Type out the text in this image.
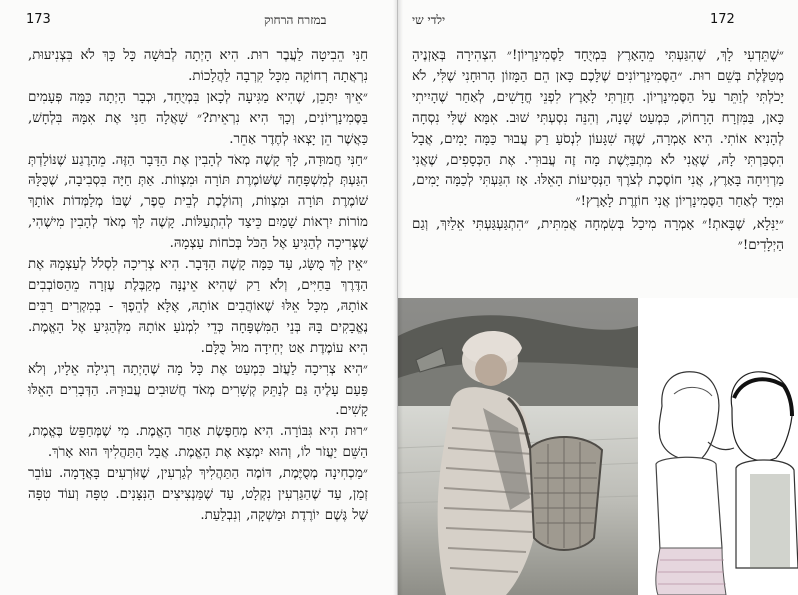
173	במזרח הרחוק

חַנִּי הֵבִיטָה לַעֲבֶר רוּת. הִיא הָיְתָה לְבוּשָׁה כָּל כָּךְ לֹא בִּצְנִיעוּת, נִרְאֲתָה רְחוֹקָה מִכָּל קִרְבָה לַהֲלָכוֹת.

״אֵיךְ יִתָּכֵן, שֶׁהִיא מַגִּיעָה לְכָאן בִּמְיֻחָד, וּכְבָר הָיְתָה כַּמָּה פְּעָמִים בַּסֶּמִינָרְיוֹנִים, וְכָךְ הִיא נִרְאֵית?״ שָׁאֲלָה חַנִּי אֶת אִמָּהּ בִּלְחָשׁ, כַּאֲשֶׁר הֵן יָצְאוּ לְחֶדֶר אַחֵר.

״חַנִּי חֲמוּדָה, לָךְ קָשֶׁה מְאֹד לְהָבִין אֶת הַדָּבָר הַזֶּה. מֵהָרֶגַע שֶׁנּוֹלַדְתְּ הִגַּעְתְּ לְמִשְׁפָּחָה שֶׁשּׁוֹמֶרֶת תּוֹרָה וּמִצְווֹת. אַתְּ חַיָּה בִּסְבִיבָה, שֶׁכֻּלָּהּ שׁוֹמֶרֶת תּוֹרָה וּמִצְווֹת, וְהוֹלֶכֶת לְבֵית סֵפֶר, שֶׁבּוֹ מְלַמְּדוֹת אוֹתָךְ מוֹרוֹת יִרְאוֹת שָׁמַיִם כֵּיצַד לְהִתְעַלּוֹת. קָשֶׁה לָךְ מְאֹד לְהָבִין מִישֶׁהִי, שֶׁצְּרִיכָה לְהַגִּיעַ אֶל הַכֹּל בְּכֹחוֹת עַצְמָהּ.

״אֵין לָךְ מֻשָּׂג, עַד כַּמָּה קָשֶׁה הַדָּבָר. הִיא צְרִיכָה לִסְלֹל לְעַצְמָהּ אֶת הַדֶּרֶךְ בַּחַיִּים, וְלֹא רַק שֶׁהִיא אֵינֶנָּה מְקַבֶּלֶת עֶזְרָה מֵהַסּוֹבְבִים אוֹתָהּ, מִכָּל אֵלּוּ שֶׁאוֹהֲבִים אוֹתָהּ, אֶלָּא לְהֵפֶךְ - בְּמִקְרִים רַבִּים נֶאֱבָקִים בָּהּ בְּנֵי הַמִּשְׁפָּחָה כְּדֵי לִמְנֹעַ אוֹתָהּ מִלְּהַגִּיעַ אֶל הָאֱמֶת. הִיא עוֹמֶדֶת אַט יְחִידָה מוּל כֻּלָּם.

״הִיא צְרִיכָה לַעֲזֹב כִּמְעַט אֶת כָּל מָה שֶׁהָיְתָה רְגִילָה אֵלָיו, וְלֹא פַּעַם עָלֶיהָ גַּם לְנַתֵּק קְשָׁרִים מְאֹד חֲשׁוּבִים עֲבוּרָהּ. הַדְּבָרִים הָאֵלּוּ קָשִׁים.

״רוּת הִיא גִּבּוֹרָה. הִיא מְחַפֶּשֶׂת אַחַר הָאֱמֶת. מִי שֶׁמְּחַפֵּשׂ בֶּאֱמֶת, הַשֵּׁם יַעֲזֹר לוֹ, וְהוּא יִמְצָא אֶת הָאֱמֶת. אֲבָל הַתַּהֲלִיךְ הוּא אָרֹךְ.

״מַכְחִינָה מְסֻיֶּמֶת, דּוֹמֶה הַתַּהֲלִיךְ לְגַרְעִין, שֶׁזּוֹרְעִים בָּאֲדָמָה. עוֹבֵר זְמַן, עַד שֶׁהַגַּרְעִין נִקְלָט, עַד שֶׁמַּנְצִיצִים הַנִּצָּנִים. טִפָּה וְעוֹד טִפָּה שֶׁל גֶּשֶׁם יוֹרֶדֶת וּמַשְׁקָה, וְנִבְלַעַת.

ילדי שי	172

״שֶׁתֵּדְעִי לָךְ, שֶׁהִגַּעְתִּי מֵהָאָרֶץ בִּמְיֻחָד לַסֶּמִינָרְיוֹן!״ הִצְהִירָה בְּאָזְנֶיהָ מְטַלֶּלֶת בְּשֵׁם רוּת. ״הַסֶּמִינָרְיוֹנִים שֶׁלָּכֶם כָּאן הֵם הַמָּזוֹן הָרוּחָנִי שֶׁלִּי, לֹא יָכֹלְתִּי לְוַתֵּר עַל הַסֶּמִינָרְיוֹן. חָזַרְתִּי לָאָרֶץ לִפְנֵי חֳדָשִׁים, לְאַחַר שֶׁהָיִיתִי כָּאן, בַּמִּזְרָח הָרָחוֹק, כִּמְעַט שָׁנָה, וְהִנֵּה נִסְעְתִּי שׁוּב. אִמָּא שֶׁלִּי נִסְחָה לְהָנִיא אוֹתִי. הִיא אָמְרָה, שֶׁזֶּה שִׁגָּעוֹן לִנְסֹעַ רַק עֲבוּר כַּמָּה יָמִים, אֲבָל הִסְבַּרְתִּי לָהּ, שֶׁאֲנִי לֹא מִתְבַּיֶּשֶׁת מָה זֶה עֲבוּרִי. אֶת הַכְּסָפִים, שֶׁאֲנִי מַרְוִיחָה בָּאָרֶץ, אֲנִי חוֹסֶכֶת לְצֹרֶךְ הַנְּסִיעוֹת הָאֵלּוּ. אָז הִגַּעְתִּי לְכַמָּה יָמִים, וּמִיָּד לְאַחַר הַסֶּמִינָרְיוֹן אֲנִי חוֹזֶרֶת לָאָרֶץ!״

״יַנִּלָא, שֶׁבָּאתְ!״ אָמְרָה מִיכַל בְּשִׂמְחָה אֲמִתִּית, ״הִתְגַּעְגַּעְתִּי אֵלַיִךְ, וְגַם הַיְלָדִים!״
